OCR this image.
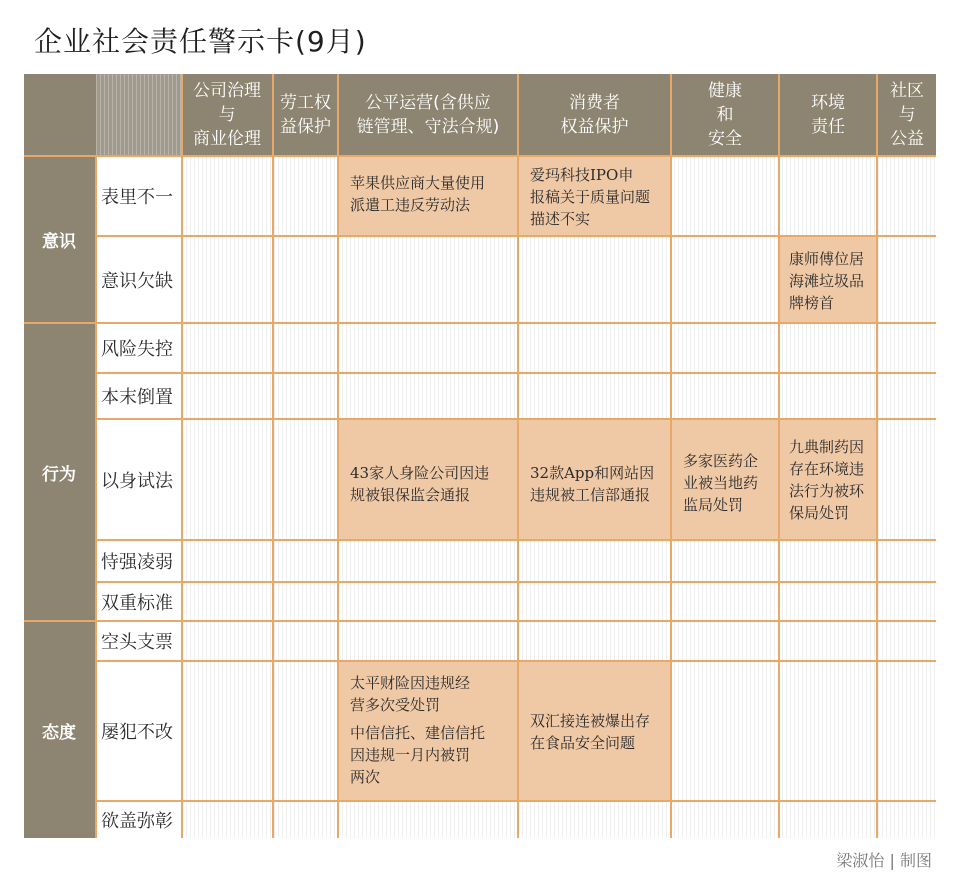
企业社会责任警示卡(9月)
公司治理
与
商业伦理
劳工权
益保护
公平运营(含供应
链管理、守法合规)
消费者
权益保护
健康
和
安全
环境
责任
社区
与
公益
意识
行为
态度
表里不一
意识欠缺
风险失控
本末倒置
以身试法
恃强凌弱
双重标准
空头支票
屡犯不改
欲盖弥彰
苹果供应商大量使用
派遣工违反劳动法
爱玛科技IPO申
报稿关于质量问题
描述不实
康师傅位居
海滩垃圾品
牌榜首
43家人身险公司因违
规被银保监会通报
32款App和网站因
违规被工信部通报
多家医药企
业被当地药
监局处罚
九典制药因
存在环境违
法行为被环
保局处罚
太平财险因违规经
营多次受处罚
中信信托、建信信托
因违规一月内被罚
两次
双汇接连被爆出存
在食品安全问题
梁淑怡 | 制图
